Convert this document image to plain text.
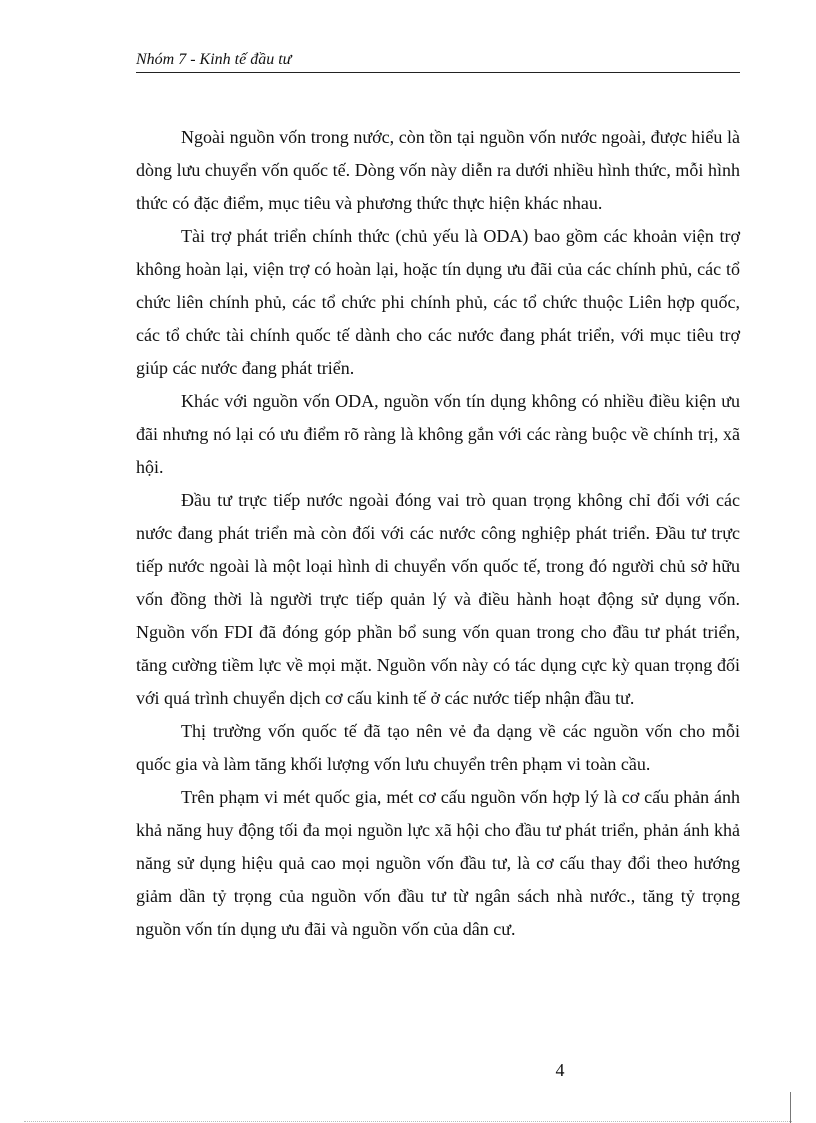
Nhóm 7 - Kinh tế đầu tư

Ngoài nguồn vốn trong nước, còn tồn tại nguồn vốn nước ngoài, được hiểu là dòng lưu chuyển vốn quốc tế. Dòng vốn này diễn ra dưới nhiều hình thức, mỗi hình thức có đặc điểm, mục tiêu và phương thức thực hiện khác nhau.

Tài trợ phát triển chính thức (chủ yếu là ODA) bao gồm các khoản viện trợ không hoàn lại, viện trợ có hoàn lại, hoặc tín dụng ưu đãi của các chính phủ, các tổ chức liên chính phủ, các tổ chức phi chính phủ, các tổ chức thuộc Liên hợp quốc, các tổ chức tài chính quốc tế dành cho các nước đang phát triển, với mục tiêu trợ giúp các nước đang phát triển.

Khác với nguồn vốn ODA, nguồn vốn tín dụng không có nhiều điều kiện ưu đãi nhưng nó lại có ưu điểm rõ ràng là không gắn với các ràng buộc về chính trị, xã hội.

Đầu tư trực tiếp nước ngoài đóng vai trò quan trọng không chỉ đối với các nước đang phát triển mà còn đối với các nước công nghiệp phát triển. Đầu tư trực tiếp nước ngoài là một loại hình di chuyển vốn quốc tế, trong đó người chủ sở hữu vốn đồng thời là người trực tiếp quản lý và điều hành hoạt động sử dụng vốn. Nguồn vốn FDI đã đóng góp phần bổ sung vốn quan trong cho đầu tư phát triển, tăng cường tiềm lực về mọi mặt. Nguồn vốn này có tác dụng cực kỳ quan trọng đối với quá trình chuyển dịch cơ cấu kinh tế ở các nước tiếp nhận đầu tư.

Thị trường vốn quốc tế đã tạo nên vẻ đa dạng về các nguồn vốn cho mỗi quốc gia và làm tăng khối lượng vốn lưu chuyển trên phạm vi toàn cầu.

Trên phạm vi mét quốc gia, mét cơ cấu nguồn vốn hợp lý là cơ cấu phản ánh khả năng huy động tối đa mọi nguồn lực xã hội cho đầu tư phát triển, phản ánh khả năng sử dụng hiệu quả cao mọi nguồn vốn đầu tư, là cơ cấu thay đổi theo hướng giảm dần tỷ trọng của nguồn vốn đầu tư từ ngân sách nhà nước., tăng tỷ trọng nguồn vốn tín dụng ưu đãi và nguồn vốn của dân cư.

4
